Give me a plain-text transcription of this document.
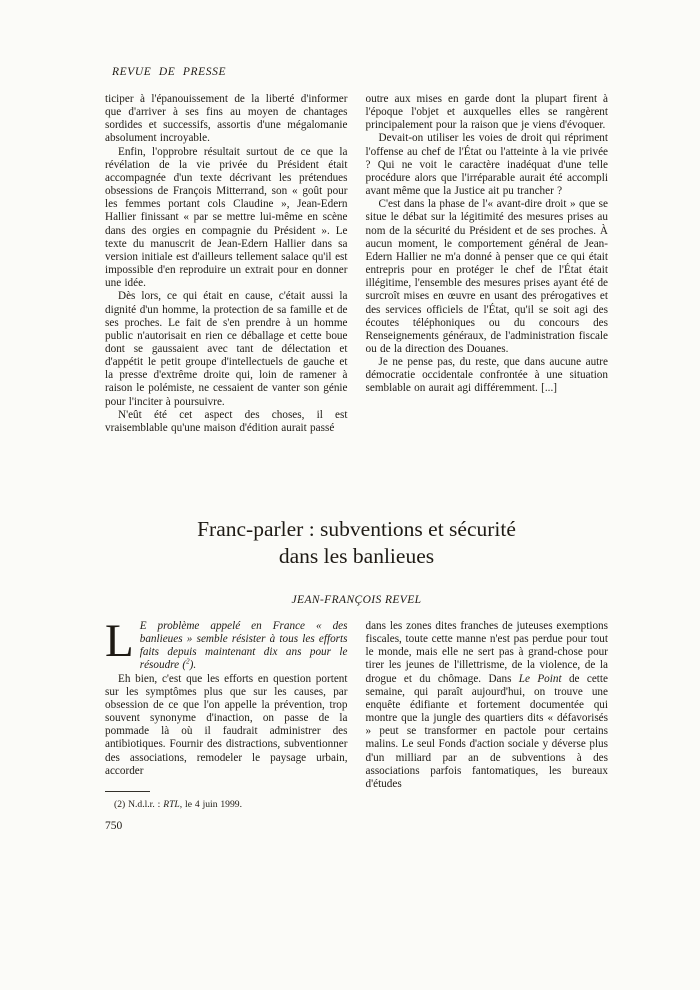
REVUE DE PRESSE

ticiper à l'épanouissement de la liberté d'informer que d'arriver à ses fins au moyen de chantages sordides et successifs, assortis d'une mégalomanie absolument incroyable.

Enfin, l'opprobre résultait surtout de ce que la révélation de la vie privée du Président était accompagnée d'un texte décrivant les prétendues obsessions de François Mitterrand, son « goût pour les femmes portant cols Claudine », Jean-Edern Hallier finissant « par se mettre lui-même en scène dans des orgies en compagnie du Président ». Le texte du manuscrit de Jean-Edern Hallier dans sa version initiale est d'ailleurs tellement salace qu'il est impossible d'en reproduire un extrait pour en donner une idée.

Dès lors, ce qui était en cause, c'était aussi la dignité d'un homme, la protection de sa famille et de ses proches. Le fait de s'en prendre à un homme public n'autorisait en rien ce déballage et cette boue dont se gaussaient avec tant de délectation et d'appétit le petit groupe d'intellectuels de gauche et la presse d'extrême droite qui, loin de ramener à raison le polémiste, ne cessaient de vanter son génie pour l'inciter à poursuivre.

N'eût été cet aspect des choses, il est vraisemblable qu'une maison d'édition aurait passé

outre aux mises en garde dont la plupart firent à l'époque l'objet et auxquelles elles se rangèrent principalement pour la raison que je viens d'évoquer.

Devait-on utiliser les voies de droit qui répriment l'offense au chef de l'État ou l'atteinte à la vie privée ? Qui ne voit le caractère inadéquat d'une telle procédure alors que l'irréparable aurait été accompli avant même que la Justice ait pu trancher ?

C'est dans la phase de l'« avant-dire droit » que se situe le débat sur la légitimité des mesures prises au nom de la sécurité du Président et de ses proches. À aucun moment, le comportement général de Jean-Edern Hallier ne m'a donné à penser que ce qui était entrepris pour en protéger le chef de l'État était illégitime, l'ensemble des mesures prises ayant été de surcroît mises en œuvre en usant des prérogatives et des services officiels de l'État, qu'il se soit agi des écoutes téléphoniques ou du concours des Renseignements généraux, de l'administration fiscale ou de la direction des Douanes.

Je ne pense pas, du reste, que dans aucune autre démocratie occidentale confrontée à une situation semblable on aurait agi différemment. [...]

Franc-parler : subventions et sécurité
dans les banlieues
JEAN-FRANÇOIS REVEL

L E problème appelé en France « des banlieues » semble résister à tous les efforts faits depuis maintenant dix ans pour le résoudre ($^2$).

Eh bien, c'est que les efforts en question portent sur les symptômes plus que sur les causes, par obsession de ce que l'on appelle la prévention, trop souvent synonyme d'inaction, on passe de la pommade là où il faudrait administrer des antibiotiques. Fournir des distractions, subventionner des associations, remodeler le paysage urbain, accorder

(2) N.d.l.r. : RTL, le 4 juin 1999.

dans les zones dites franches de juteuses exemptions fiscales, toute cette manne n'est pas perdue pour tout le monde, mais elle ne sert pas à grand-chose pour tirer les jeunes de l'illettrisme, de la violence, de la drogue et du chômage. Dans Le Point de cette semaine, qui paraît aujourd'hui, on trouve une enquête édifiante et fortement documentée qui montre que la jungle des quartiers dits « défavorisés » peut se transformer en pactole pour certains malins. Le seul Fonds d'action sociale y déverse plus d'un milliard par an de subventions à des associations parfois fantomatiques, les bureaux d'études

750
